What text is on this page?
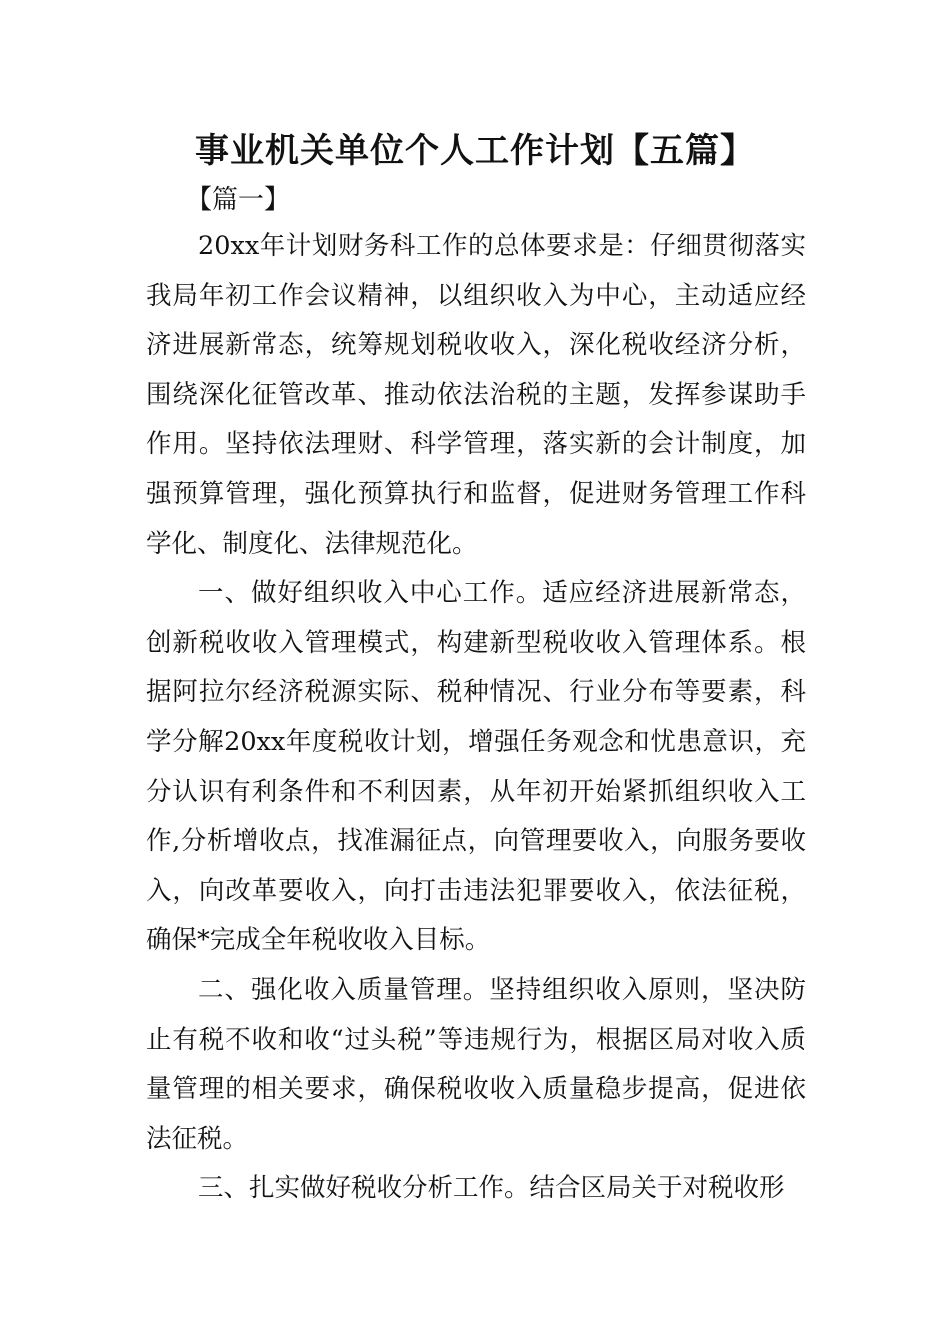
事业机关单位个人工作计划【五篇】
【篇一】

20xx年计划财务科工作的总体要求是：仔细贯彻落实我局年初工作会议精神，以组织收入为中心，主动适应经济进展新常态，统筹规划税收收入，深化税收经济分析，围绕深化征管改革、推动依法治税的主题，发挥参谋助手作用。坚持依法理财、科学管理，落实新的会计制度，加强预算管理，强化预算执行和监督，促进财务管理工作科学化、制度化、法律规范化。

一、做好组织收入中心工作。适应经济进展新常态，创新税收收入管理模式，构建新型税收收入管理体系。根据阿拉尔经济税源实际、税种情况、行业分布等要素，科学分解20xx年度税收计划，增强任务观念和忧患意识，充分认识有利条件和不利因素，从年初开始紧抓组织收入工作,分析增收点，找准漏征点，向管理要收入，向服务要收入，向改革要收入，向打击违法犯罪要收入，依法征税，确保*完成全年税收收入目标。

二、强化收入质量管理。坚持组织收入原则，坚决防止有税不收和收“过头税”等违规行为，根据区局对收入质量管理的相关要求，确保税收收入质量稳步提高，促进依法征税。

三、扎实做好税收分析工作。结合区局关于对税收形
